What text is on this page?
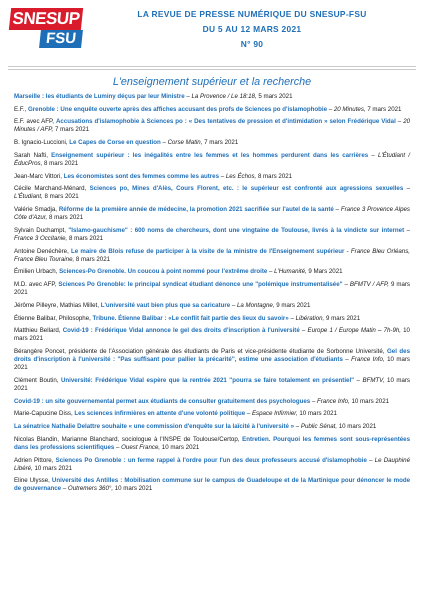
SNESUP
FSU
LA REVUE DE PRESSE NUMÉRIQUE DU SNESUP-FSU
DU 5 AU 12 MARS 2021
N° 90
L'enseignement supérieur et la recherche

Marseille : les étudiants de Luminy déçus par leur Ministre – La Provence / Le 18:18, 5 mars 2021

E.F., Grenoble : Une enquête ouverte après des affiches accusant des profs de Sciences po d'islamophobie – 20 Minutes, 7 mars 2021

E.F. avec AFP, Accusations d'islamophobie à Sciences po : « Des tentatives de pression et d'intimidation » selon Frédérique Vidal – 20 Minutes / AFP, 7 mars 2021

B. Ignacio-Luccioni, Le Capes de Corse en question – Corse Matin, 7 mars 2021

Sarah Nafti, Enseignement supérieur : les inégalités entre les femmes et les hommes perdurent dans les carrières – L'Étudiant / ÉducPros, 8 mars 2021

Jean-Marc Vittori, Les économistes sont des femmes comme les autres – Les Échos, 8 mars 2021

Cécile Marchand-Ménard, Sciences po, Mines d'Alès, Cours Florent, etc. : le supérieur est confronté aux agressions sexuelles – L'Étudiant, 8 mars 2021

Valérie Smadja, Réforme de la première année de médecine, la promotion 2021 sacrifiée sur l'autel de la santé – France 3 Provence Alpes Côte d'Azur, 8 mars 2021

Sylvain Duchampt, "Islamo-gauchisme" : 600 noms de chercheurs, dont une vingtaine de Toulouse, livrés à la vindicte sur internet – France 3 Occitanie, 8 mars 2021

Antoine Denéchère, Le maire de Blois refuse de participer à la visite de la ministre de l'Enseignement supérieur - France Bleu Orléans, France Bleu Touraine, 8 mars 2021

Émilien Urbach, Sciences-Po Grenoble. Un coucou à point nommé pour l'extrême droite – L'Humanité, 9 Mars 2021

M.D. avec AFP, Sciences Po Grenoble: le principal syndicat étudiant dénonce une "polémique instrumentalisée" – BFMTV / AFP, 9 mars 2021

Jérôme Pilleyre, Mathias Millet, L'université vaut bien plus que sa caricature – La Montagne, 9 mars 2021

Étienne Balibar, Philosophe, Tribune. Étienne Balibar : «Le conflit fait partie des lieux du savoir» – Libération, 9 mars 2021

Matthieu Bellard, Covid-19 : Frédérique Vidal annonce le gel des droits d'inscription à l'université – Europe 1 / Europe Matin – 7h-9h, 10 mars 2021

Bérangère Poncet, présidente de l'Association générale des étudiants de Paris et vice-présidente étudiante de Sorbonne Université, Gel des droits d'inscription à l'université : "Pas suffisant pour pallier la précarité", estime une association d'étudiants – France Info, 10 mars 2021

Clément Boutin, Université: Frédérique Vidal espère que la rentrée 2021 "pourra se faire totalement en présentiel" – BFMTV, 10 mars 2021

Covid-19 : un site gouvernemental permet aux étudiants de consulter gratuitement des psychologues – France Info, 10 mars 2021

Marie-Capucine Diss, Les sciences infirmières en attente d'une volonté politique – Espace Infirmier, 10 mars 2021

La sénatrice Nathalie Delattre souhaite « une commission d'enquête sur la laïcité à l'université » – Public Sénat, 10 mars 2021

Nicolas Blandin, Marianne Blanchard, sociologue à l'INSPE de Toulouse/Certop, Entretien. Pourquoi les femmes sont sous-représentées dans les professions scientifiques – Ouest France, 10 mars 2021

Adrien Pittore, Sciences Po Grenoble : un ferme rappel à l'ordre pour l'un des deux professeurs accusé d'islamophobie – Le Dauphiné Libéré, 10 mars 2021

Eline Ulysse, Université des Antilles : Mobilisation commune sur le campus de Guadeloupe et de la Martinique pour dénoncer le mode de gouvernance – Outremers 360°, 10 mars 2021
